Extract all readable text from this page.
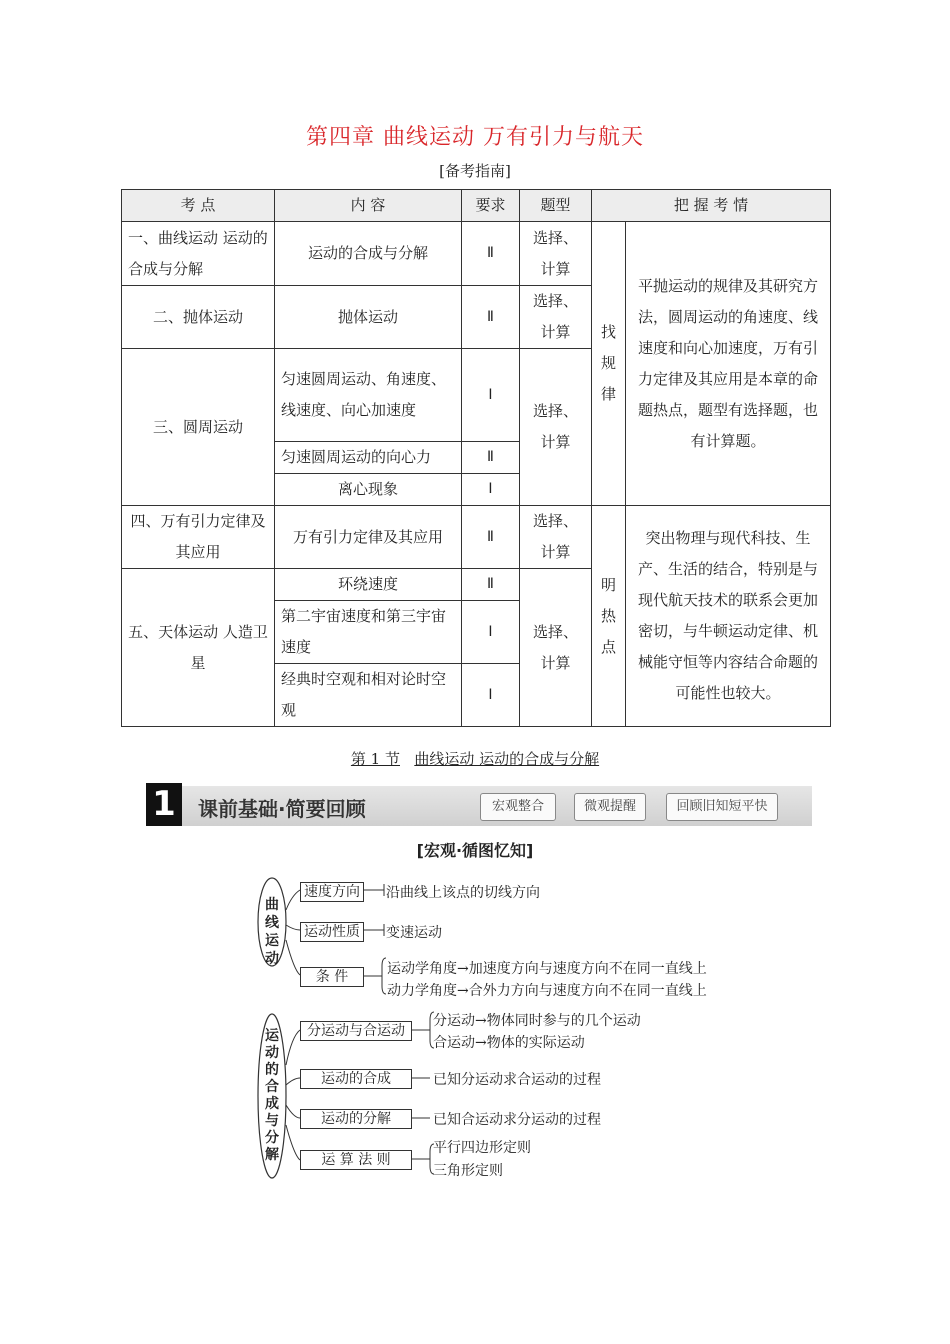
第四章 曲线运动 万有引力与航天
[备考指南]
考 点	内 容	要求	题型	把 握 考 情	
一、曲线运动 运动的合成与分解	运动的合成与分解	Ⅱ	选择、计算	找规律	平抛运动的规律及其研究方法，圆周运动的角速度、线速度和向心加速度，万有引力定律及其应用是本章的命题热点，题型有选择题，也有计算题。
二、抛体运动	抛体运动	Ⅱ	选择、计算		
三、圆周运动	匀速圆周运动、角速度、线速度、向心加速度	Ⅰ	选择、计算		
	匀速圆周运动的向心力	Ⅱ			
	离心现象	Ⅰ			
四、万有引力定律及其应用	万有引力定律及其应用	Ⅱ	选择、计算	明热点	突出物理与现代科技、生产、生活的结合，特别是与现代航天技术的联系会更加密切，与牛顿运动定律、机械能守恒等内容结合命题的可能性也较大。
五、天体运动 人造卫星	环绕速度	Ⅱ	选择、计算		
	第二宇宙速度和第三宇宙速度	Ⅰ			
	经典时空观和相对论时空观	Ⅰ			
第 1 节 曲线运动 运动的合成与分解
1	课前基础·简要回顾	宏观整合	微观提醒	回顾旧知短平快
[宏观·循图忆知]
曲线运动
速度方向 沿曲线上该点的切线方向
运动性质 变速运动
条 件	运动学角度→加速度方向与速度方向不在同一直线上
动力学角度→合外力方向与速度方向不在同一直线上
运动的合成与分解
分运动与合运动
分运动→物体同时参与的几个运动
合运动→物体的实际运动
运动的合成	已知分运动求合运动的过程
运动的分解	已知合运动求分运动的过程
运 算 法 则
平行四边形定则
三角形定则
